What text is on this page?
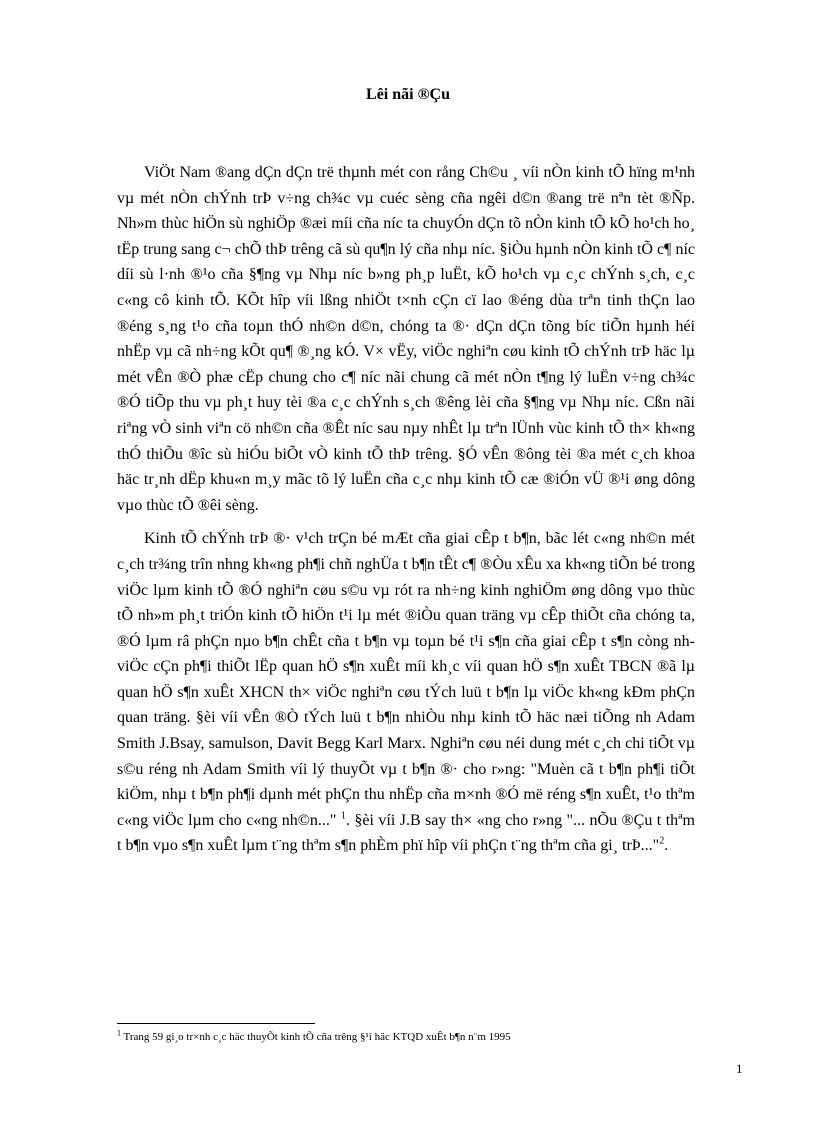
Lêi nãi ®Çu

ViÖt Nam ®ang dÇn dÇn trë thµnh mét con rång Ch©u ¸ víi nÒn kinh tÕ hïng m¹nh vµ mét nÒn chÝnh trÞ v÷ng ch¾c vµ cuéc sèng cña ngêi d©n ®ang trë nªn tèt ®Ñp. Nh»m thùc hiÖn sù nghiÖp ®æi míi cña níc ta chuyÓn dÇn tõ nÒn kinh tÕ kÕ ho¹ch ho¸ tËp trung sang c¬ chÕ thÞ trêng cã sù qu¶n lý cña nhµ níc. §iÒu hµnh nÒn kinh tÕ c¶ níc díi sù l·nh ®¹o cña §¶ng vµ Nhµ níc b»ng ph¸p luËt, kÕ ho¹ch vµ c¸c chÝnh s¸ch, c¸c c«ng cô kinh tÕ. KÕt hîp víi lßng nhiÖt t×nh cÇn cï lao ®éng dùa trªn tinh thÇn lao ®éng s¸ng t¹o cña toµn thÓ nh©n d©n, chóng ta ®· dÇn dÇn tõng bíc tiÕn hµnh héi nhËp vµ cã nh÷ng kÕt qu¶ ®¸ng kÓ. V× vËy, viÖc nghiªn cøu kinh tÕ chÝnh trÞ häc lµ mét vÊn ®Ò phæ cËp chung cho c¶ níc nãi chung cã mét nÒn t¶ng lý luËn v÷ng ch¾c ®Ó tiÕp thu vµ ph¸t huy tèi ®a c¸c chÝnh s¸ch ®êng lèi cña §¶ng vµ Nhµ níc. Cßn nãi riªng vÒ sinh viªn cö nh©n cña ®Êt níc sau nµy nhÊt lµ trªn lÜnh vùc kinh tÕ th× kh«ng thÓ thiÕu ®îc sù hiÓu biÕt vÒ kinh tÕ thÞ trêng. §Ó vÊn ®ông tèi ®a mét c¸ch khoa häc tr¸nh dËp khu«n m¸y mãc tõ lý luËn cña c¸c nhµ kinh tÕ cæ ®iÓn vÜ ®¹i øng dông vµo thùc tÕ ®êi sèng.

Kinh tÕ chÝnh trÞ ®· v¹ch trÇn bé mÆt cña giai cÊp t b¶n, bãc lét c«ng nh©n mét c¸ch tr¾ng trîn nhng kh«ng ph¶i chñ nghÜa t b¶n tÊt c¶ ®Òu xÊu xa kh«ng tiÕn bé trong viÖc lµm kinh tÕ ®Ó nghiªn cøu s©u vµ rót ra nh÷ng kinh nghiÖm øng dông vµo thùc tÕ nh»m ph¸t triÓn kinh tÕ hiÖn t¹i lµ mét ®iÒu quan träng vµ cÊp thiÕt cña chóng ta, ®Ó lµm râ phÇn nµo b¶n chÊt cña t b¶n vµ toµn bé t¹i s¶n cña giai cÊp t s¶n còng nh viÖc cÇn ph¶i thiÕt lËp quan hÖ s¶n xuÊt míi kh¸c víi quan hÖ s¶n xuÊt TBCN ®ã lµ quan hÖ s¶n xuÊt XHCN th× viÖc nghiªn cøu tÝch luü t b¶n lµ viÖc kh«ng kÐm phÇn quan träng. §èi víi vÊn ®Ò tÝch luü t b¶n nhiÒu nhµ kinh tÕ häc næi tiÕng nh Adam Smith J.Bsay, samulson, Davit Begg Karl Marx. Nghiªn cøu néi dung mét c¸ch chi tiÕt vµ s©u réng nh Adam Smith víi lý thuyÕt vµ t b¶n ®· cho r»ng: "Muèn cã t b¶n ph¶i tiÕt kiÖm, nhµ t b¶n ph¶i dµnh mét phÇn thu nhËp cña m×nh ®Ó më réng s¶n xuÊt, t¹o thªm c«ng viÖc lµm cho c«ng nh©n..." $^1$. §èi víi J.B say th× «ng cho r»ng "... nÕu ®Çu t thªm t b¶n vµo s¶n xuÊt lµm t¨ng thªm s¶n phÈm phï hîp víi phÇn t¨ng thªm cña gi¸ trÞ..."$^2$.

$^1$ Trang 59 gi¸o tr×nh c¸c häc thuyÕt kinh tÕ cña trêng §¹i häc KTQD xuÊt b¶n n¨m 1995
1
